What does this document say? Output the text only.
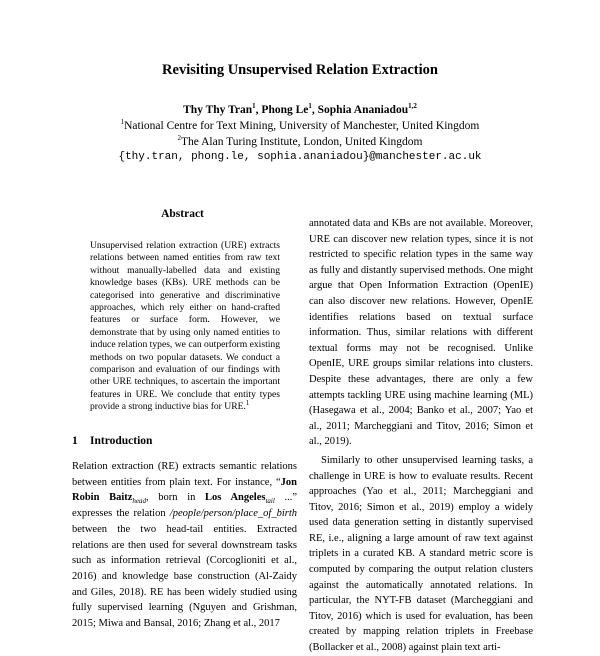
Revisiting Unsupervised Relation Extraction
Thy Thy Tran$^1$, Phong Le$^1$, Sophia Ananiadou$^{1,2}$
$^1$National Centre for Text Mining, University of Manchester, United Kingdom
$^2$The Alan Turing Institute, London, United Kingdom
{thy.tran, phong.le, sophia.ananiadou}@manchester.ac.uk
Abstract

Unsupervised relation extraction (URE) extracts relations between named entities from raw text without manually-labelled data and existing knowledge bases (KBs). URE methods can be categorised into generative and discriminative approaches, which rely either on hand-crafted features or surface form. However, we demonstrate that by using only named entities to induce relation types, we can outperform existing methods on two popular datasets. We conduct a comparison and evaluation of our findings with other URE techniques, to ascertain the important features in URE. We conclude that entity types provide a strong inductive bias for URE.$^1$

1 Introduction

Relation extraction (RE) extracts semantic relations between entities from plain text. For instance, “Jon Robin Baitz$_{head}$, born in Los Angeles$_{tail}$ ...” expresses the relation /people/person/place_of_birth between the two head-tail entities. Extracted relations are then used for several downstream tasks such as information retrieval (Corcoglioniti et al., 2016) and knowledge base construction (Al-Zaidy and Giles, 2018). RE has been widely studied using fully supervised learning (Nguyen and Grishman, 2015; Miwa and Bansal, 2016; Zhang et al., 2017

annotated data and KBs are not available. Moreover, URE can discover new relation types, since it is not restricted to specific relation types in the same way as fully and distantly supervised methods. One might argue that Open Information Extraction (OpenIE) can also discover new relations. However, OpenIE identifies relations based on textual surface information. Thus, similar relations with different textual forms may not be recognised. Unlike OpenIE, URE groups similar relations into clusters. Despite these advantages, there are only a few attempts tackling URE using machine learning (ML) (Hasegawa et al., 2004; Banko et al., 2007; Yao et al., 2011; Marcheggiani and Titov, 2016; Simon et al., 2019).

Similarly to other unsupervised learning tasks, a challenge in URE is how to evaluate results. Recent approaches (Yao et al., 2011; Marcheggiani and Titov, 2016; Simon et al., 2019) employ a widely used data generation setting in distantly supervised RE, i.e., aligning a large amount of raw text against triplets in a curated KB. A standard metric score is computed by comparing the output relation clusters against the automatically annotated relations. In particular, the NYT-FB dataset (Marcheggiani and Titov, 2016) which is used for evaluation, has been created by mapping relation triplets in Freebase (Bollacker et al., 2008) against plain text arti-
